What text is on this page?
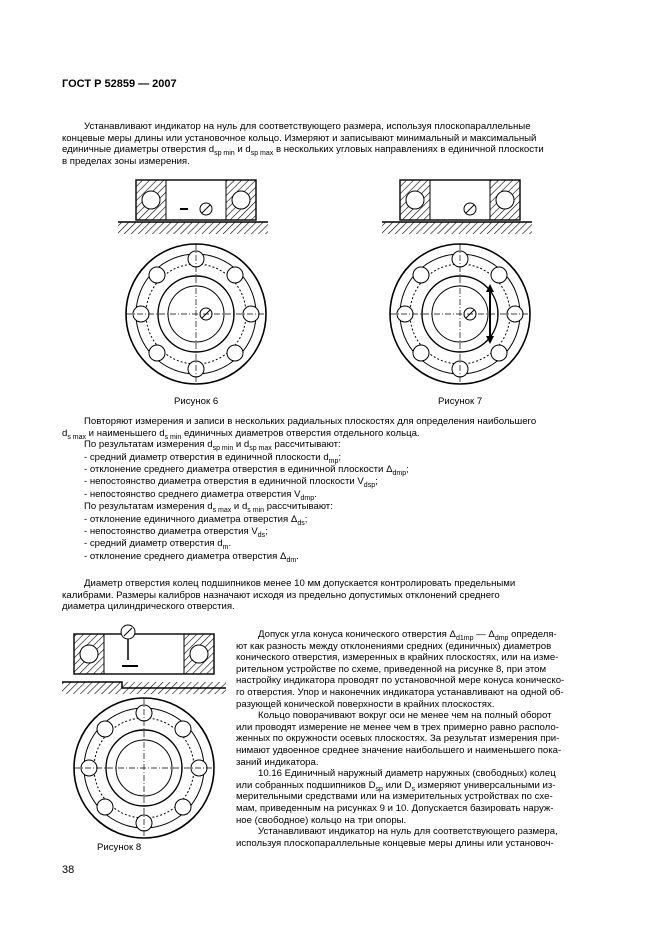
ГОСТ Р 52859 — 2007
Устанавливают индикатор на нуль для соответствующего размера, используя плоскопараллельные
концевые меры длины или установочное кольцо. Измеряют и записывают минимальный и максимальный
единичные диаметры отверстия $d_{sp min}$ и $d_{sp max}$ в нескольких угловых направлениях в единичной плоскости
в пределах зоны измерения.
Рисунок 6	Рисунок 7
Повторяют измерения и записи в нескольких радиальных плоскостях для определения наибольшего
$d_{s max}$ и наименьшего $d_{s min}$ единичных диаметров отверстия отдельного кольца.
По результатам измерения $d_{sp min}$ и $d_{sp max}$ рассчитывают:
- средний диаметр отверстия в единичной плоскости $d_{mp}$;
- отклонение среднего диаметра отверстия в единичной плоскости $\Delta_{dmp}$;
- непостоянство диаметра отверстия в единичной плоскости $V_{dsp}$;
- непостоянство среднего диаметра отверстия $V_{dmp}$.
По результатам измерения $d_{s max}$ и $d_{s min}$ рассчитывают:
- отклонение единичного диаметра отверстия $\Delta_{ds}$;
- непостоянство диаметра отверстия $V_{ds}$;
- средний диаметр отверстия $d_m$.
- отклонение среднего диаметра отверстия $\Delta_{dm}$.
Диаметр отверстия колец подшипников менее 10 мм допускается контролировать предельными
калибрами. Размеры калибров назначают исходя из предельно допустимых отклонений среднего
диаметра цилиндрического отверстия.
Рисунок 8
Допуск угла конуса конического отверстия $\Delta_{d1mp}$ — $\Delta_{dmp}$ определя-
ют как разность между отклонениями средних (единичных) диаметров
конического отверстия, измеренных в крайних плоскостях, или на изме-
рительном устройстве по схеме, приведенной на рисунке 8, при этом
настройку индикатора проводят по установочной мере конуса коническо-
го отверстия. Упор и наконечник индикатора устанавливают на одной об-
разующей конической поверхности в крайних плоскостях.
Кольцо поворачивают вокруг оси не менее чем на полный оборот
или проводят измерение не менее чем в трех примерно равно располо-
женных по окружности осевых плоскостях. За результат измерения при-
нимают удвоенное среднее значение наибольшего и наименьшего пока-
заний индикатора.
10.16 Единичный наружный диаметр наружных (свободных) колец
или собранных подшипников $D_{sp}$ или $D_s$ измеряют универсальными из-
мерительными средствами или на измерительных устройствах по схе-
мам, приведенным на рисунках 9 и 10. Допускается базировать наруж-
ное (свободное) кольцо на три опоры.
Устанавливают индикатор на нуль для соответствующего размера,
используя плоскопараллельные концевые меры длины или установоч-
38
